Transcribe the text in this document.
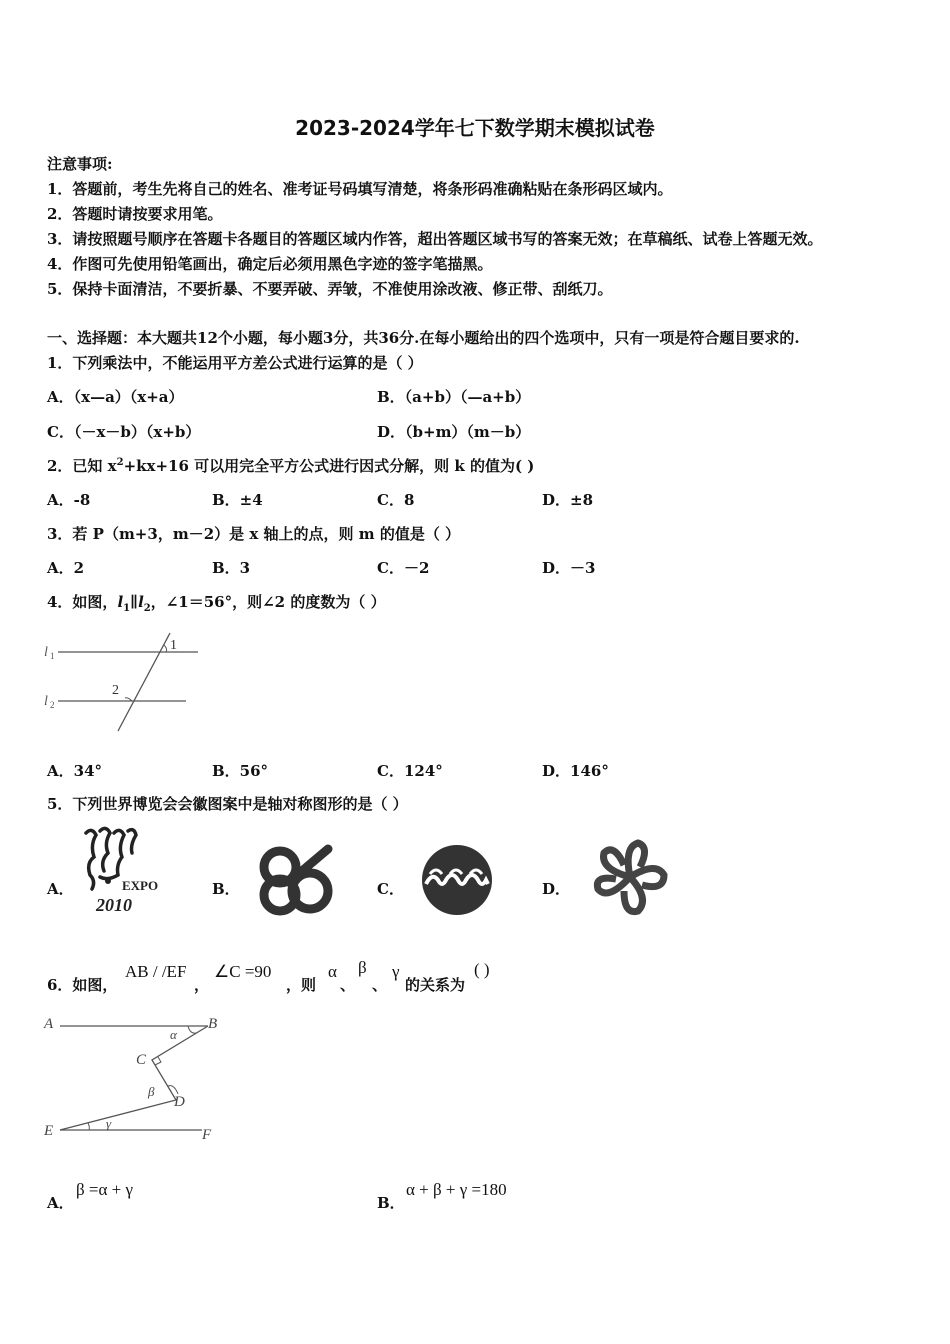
2023-2024学年七下数学期末模拟试卷
注意事项:
1．答题前，考生先将自己的姓名、准考证号码填写清楚，将条形码准确粘贴在条形码区域内。
2．答题时请按要求用笔。
3．请按照题号顺序在答题卡各题目的答题区域内作答，超出答题区域书写的答案无效；在草稿纸、试卷上答题无效。
4．作图可先使用铅笔画出，确定后必须用黑色字迹的签字笔描黑。
5．保持卡面清洁，不要折暴、不要弄破、弄皱，不准使用涂改液、修正带、刮纸刀。
一、选择题：本大题共12个小题，每小题3分，共36分.在每小题给出的四个选项中，只有一项是符合题目要求的.
1．下列乘法中，不能运用平方差公式进行运算的是（ ）
A．（x—a）（x+a）	B．（a+b）（—a+b）
C．（－x－b）（x+b）	D．（b+m）（m－b）
2．已知 $x^2+kx+16$ 可以用完全平方公式进行因式分解，则 k 的值为( )
A．-8	B．±4	C．8	D．±8
3．若 P（m+3，m－2）是 x 轴上的点，则 m 的值是（ ）
A．2	B．3	C．－2	D．－3
4．如图，$l_1\parallel l_2$，∠1＝56°，则∠2 的度数为（ ）
l 1
l 2
1
2
A．34°	B．56°	C．124°	D．146°
5．下列世界博览会会徽图案中是轴对称图形的是（ ）
A．	EXPO
2010
B．	C．	D．
6．如图，
AB / /EF
，
∠C =90
，则
α
、
β
、
γ
的关系为
( )
A	B
C
D
E	F
α
β
γ
A．
β =α + γ
B．
α + β + γ =180
